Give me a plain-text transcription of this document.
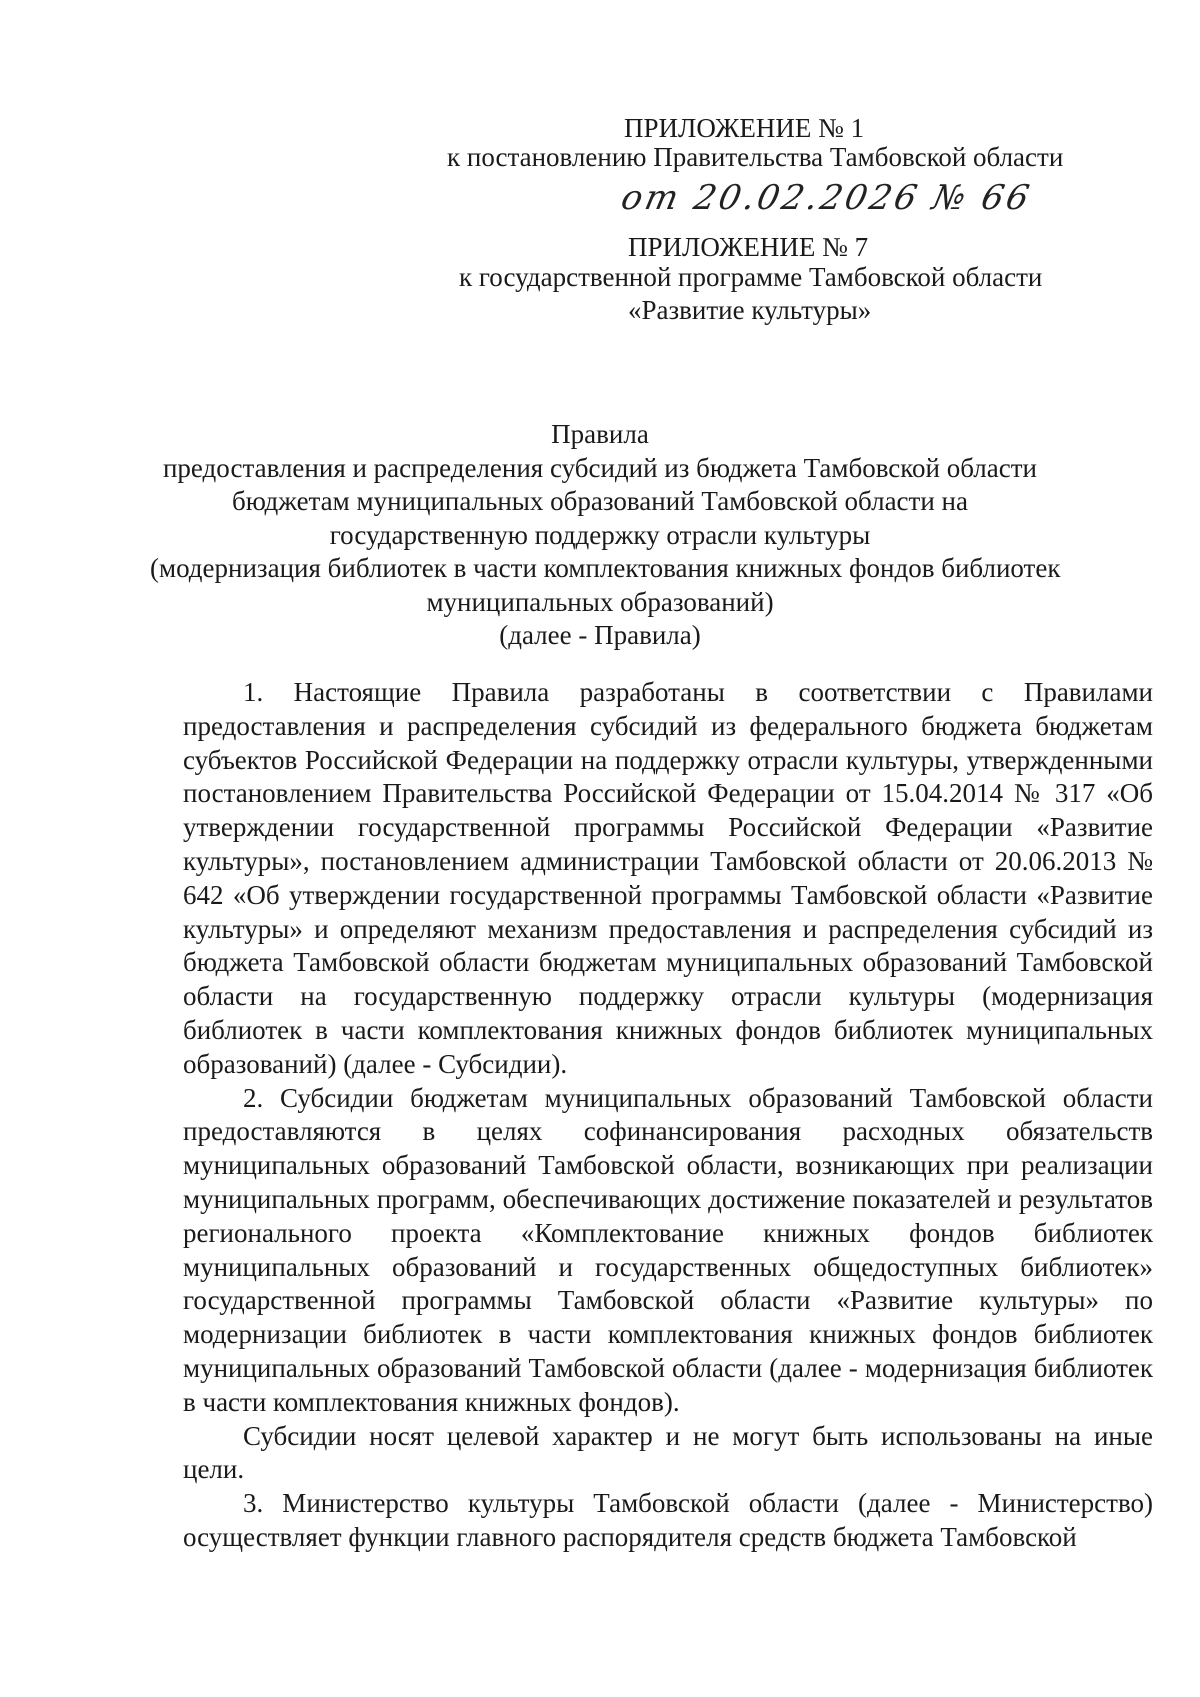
ПРИЛОЖЕНИЕ № 1
к постановлению Правительства Тамбовской области
от 20.02.2026 № 66
ПРИЛОЖЕНИЕ № 7
к государственной программе Тамбовской области
«Развитие культуры»
Правила
предоставления и распределения субсидий из бюджета Тамбовской области
бюджетам муниципальных образований Тамбовской области на
государственную поддержку отрасли культуры
(модернизация библиотек в части комплектования книжных фондов библиотек
муниципальных образований)
(далее - Правила)

1. Настоящие Правила разработаны в соответствии с Правилами предоставления и распределения субсидий из федерального бюджета бюджетам субъектов Российской Федерации на поддержку отрасли культуры, утвержденными постановлением Правительства Российской Федерации от 15.04.2014 № 317 «Об утверждении государственной программы Российской Федерации «Развитие культуры», постановлением администрации Тамбовской области от 20.06.2013 № 642 «Об утверждении государственной программы Тамбовской области «Развитие культуры» и определяют механизм предоставления и распределения субсидий из бюджета Тамбовской области бюджетам муниципальных образований Тамбовской области на государственную поддержку отрасли культуры (модернизация библиотек в части комплектования книжных фондов библиотек муниципальных образований) (далее - Субсидии).

2. Субсидии бюджетам муниципальных образований Тамбовской области предоставляются в целях софинансирования расходных обязательств муниципальных образований Тамбовской области, возникающих при реализации муниципальных программ, обеспечивающих достижение показателей и результатов регионального проекта «Комплектование книжных фондов библиотек муниципальных образований и государственных общедоступных библиотек» государственной программы Тамбовской области «Развитие культуры» по модернизации библиотек в части комплектования книжных фондов библиотек муниципальных образований Тамбовской области (далее - модернизация библиотек в части комплектования книжных фондов).

Субсидии носят целевой характер и не могут быть использованы на иные цели.

3. Министерство культуры Тамбовской области (далее - Министерство) осуществляет функции главного распорядителя средств бюджета Тамбовской
